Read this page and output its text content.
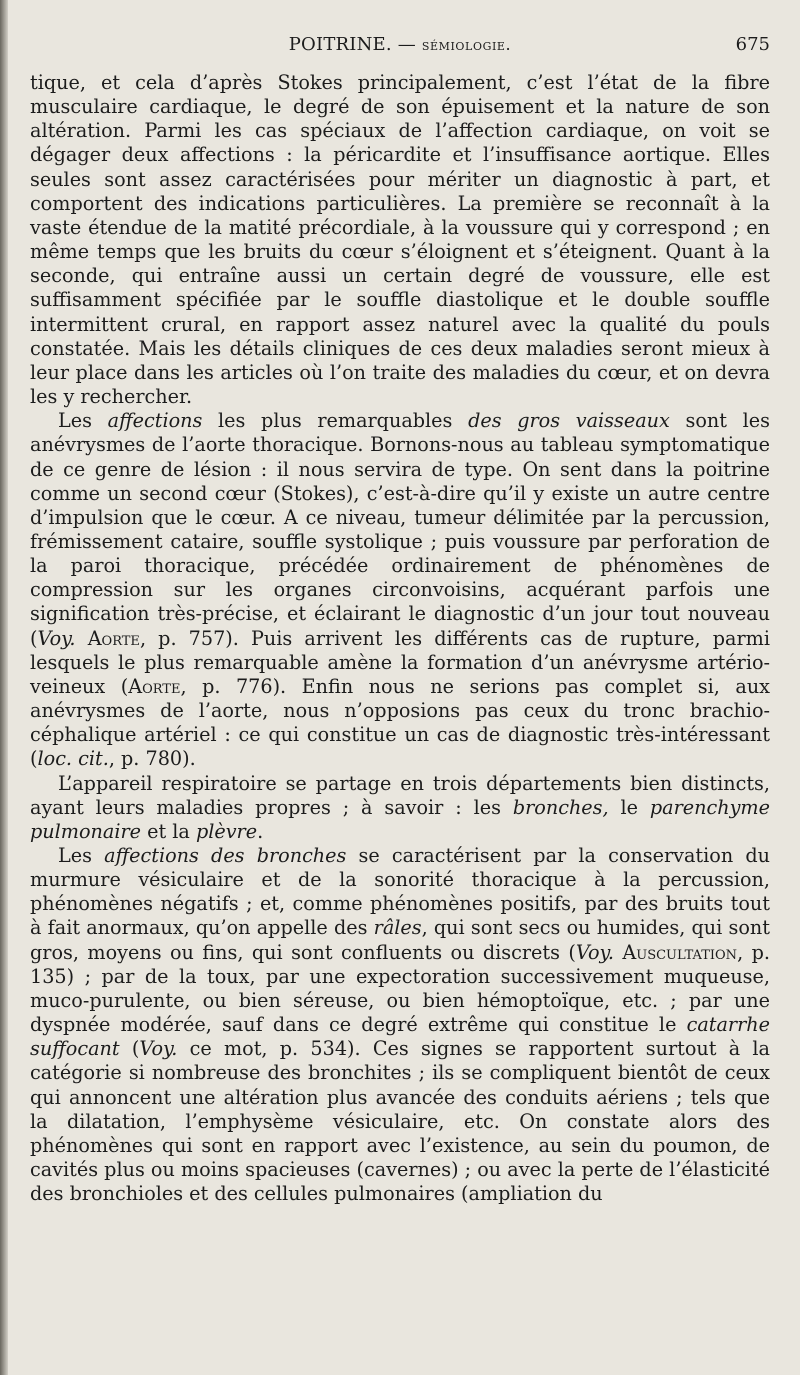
POITRINE. — sémiologie.	675

tique, et cela d’après Stokes principalement, c’est l’état de la fibre musculaire cardiaque, le degré de son épuisement et la nature de son altération. Parmi les cas spéciaux de l’affection cardiaque, on voit se dégager deux affections : la péricardite et l’insuffisance aortique. Elles seules sont assez caractérisées pour mériter un diagnostic à part, et comportent des indications particulières. La première se reconnaît à la vaste étendue de la matité précordiale, à la voussure qui y correspond ; en même temps que les bruits du cœur s’éloignent et s’éteignent. Quant à la seconde, qui entraîne aussi un certain degré de voussure, elle est suffisamment spécifiée par le souffle diastolique et le double souffle intermittent crural, en rapport assez naturel avec la qualité du pouls constatée. Mais les détails cliniques de ces deux maladies seront mieux à leur place dans les articles où l’on traite des maladies du cœur, et on devra les y rechercher.

Les affections les plus remarquables des gros vaisseaux sont les anévrysmes de l’aorte thoracique. Bornons-nous au tableau symptomatique de ce genre de lésion : il nous servira de type. On sent dans la poitrine comme un second cœur (Stokes), c’est-à-dire qu’il y existe un autre centre d’impulsion que le cœur. A ce niveau, tumeur délimitée par la percussion, frémissement cataire, souffle systolique ; puis voussure par perforation de la paroi thoracique, précédée ordinairement de phénomènes de compression sur les organes circonvoisins, acquérant parfois une signification très-précise, et éclairant le diagnostic d’un jour tout nouveau (Voy. Aorte, p. 757). Puis arrivent les différents cas de rupture, parmi lesquels le plus remarquable amène la formation d’un anévrysme artério-veineux (Aorte, p. 776). Enfin nous ne serions pas complet si, aux anévrysmes de l’aorte, nous n’opposions pas ceux du tronc brachio-céphalique artériel : ce qui constitue un cas de diagnostic très-intéressant (loc. cit., p. 780).

L’appareil respiratoire se partage en trois départements bien distincts, ayant leurs maladies propres ; à savoir : les bronches, le parenchyme pulmonaire et la plèvre.

Les affections des bronches se caractérisent par la conservation du murmure vésiculaire et de la sonorité thoracique à la percussion, phénomènes négatifs ; et, comme phénomènes positifs, par des bruits tout à fait anormaux, qu’on appelle des râles, qui sont secs ou humides, qui sont gros, moyens ou fins, qui sont confluents ou discrets (Voy. Auscultation, p. 135) ; par de la toux, par une expectoration successivement muqueuse, muco-purulente, ou bien séreuse, ou bien hémoptoïque, etc. ; par une dyspnée modérée, sauf dans ce degré extrême qui constitue le catarrhe suffocant (Voy. ce mot, p. 534). Ces signes se rapportent surtout à la catégorie si nombreuse des bronchites ; ils se compliquent bientôt de ceux qui annoncent une altération plus avancée des conduits aériens ; tels que la dilatation, l’emphysème vésiculaire, etc. On constate alors des phénomènes qui sont en rapport avec l’existence, au sein du poumon, de cavités plus ou moins spacieuses (cavernes) ; ou avec la perte de l’élasticité des bronchioles et des cellules pulmonaires (ampliation du
